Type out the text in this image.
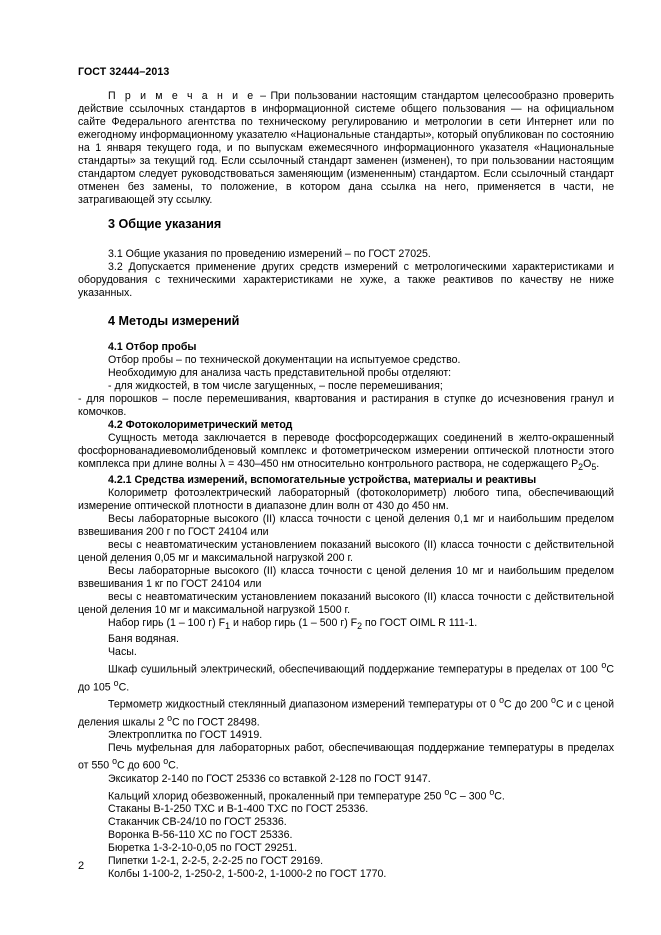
ГОСТ 32444–2013

П р и м е ч а н и е – При пользовании настоящим стандартом целесообразно проверить действие ссылочных стандартов в информационной системе общего пользования — на официальном сайте Федерального агентства по техническому регулированию и метрологии в сети Интернет или по ежегодному информационному указателю «Национальные стандарты», который опубликован по состоянию на 1 января текущего года, и по выпускам ежемесячного информационного указателя «Национальные стандарты» за текущий год. Если ссылочный стандарт заменен (изменен), то при пользовании настоящим стандартом следует руководствоваться заменяющим (измененным) стандартом. Если ссылочный стандарт отменен без замены, то положение, в котором дана ссылка на него, применяется в части, не затрагивающей эту ссылку.

3 Общие указания

3.1 Общие указания по проведению измерений – по ГОСТ 27025.

3.2 Допускается применение других средств измерений с метрологическими характеристиками и оборудования с техническими характеристиками не хуже, а также реактивов по качеству не ниже указанных.

4 Методы измерений

4.1 Отбор пробы

Отбор пробы – по технической документации на испытуемое средство.

Необходимую для анализа часть представительной пробы отделяют:

- для жидкостей, в том числе загущенных, – после перемешивания;

- для порошков – после перемешивания, квартования и растирания в ступке до исчезновения гранул и комочков.

4.2 Фотоколориметрический метод

Сущность метода заключается в переводе фосфорсодержащих соединений в желто-окрашенный фосфорнованадиевомолибденовый комплекс и фотометрическом измерении оптической плотности этого комплекса при длине волны λ = 430–450 нм относительно контрольного раствора, не содержащего $P_2O_5$.

4.2.1 Средства измерений, вспомогательные устройства, материалы и реактивы

Колориметр фотоэлектрический лабораторный (фотоколориметр) любого типа, обеспечивающий измерение оптической плотности в диапазоне длин волн от 430 до 450 нм.

Весы лабораторные высокого (II) класса точности с ценой деления 0,1 мг и наибольшим пределом взвешивания 200 г по ГОСТ 24104 или

весы с неавтоматическим установлением показаний высокого (II) класса точности с действительной ценой деления 0,05 мг и максимальной нагрузкой 200 г.

Весы лабораторные высокого (II) класса точности с ценой деления 10 мг и наибольшим пределом взвешивания 1 кг по ГОСТ 24104 или

весы с неавтоматическим установлением показаний высокого (II) класса точности с действительной ценой деления 10 мг и максимальной нагрузкой 1500 г.

Набор гирь (1 – 100 г) $F_1$ и набор гирь (1 – 500 г) $F_2$ по ГОСТ OIML R 111-1.

Баня водяная.

Часы.

Шкаф сушильный электрический, обеспечивающий поддержание температуры в пределах от 100 $^о$С до 105 $^о$С.

Термометр жидкостный стеклянный диапазоном измерений температуры от 0 $^о$С до 200 $^о$С и с ценой деления шкалы 2 $^о$С по ГОСТ 28498.

Электроплитка по ГОСТ 14919.

Печь муфельная для лабораторных работ, обеспечивающая поддержание температуры в пределах от 550 $^о$С до 600 $^о$С.

Эксикатор 2-140 по ГОСТ 25336 со вставкой 2-128 по ГОСТ 9147.

Кальций хлорид обезвоженный, прокаленный при температуре 250 $^о$С – 300 $^о$С.

Стаканы В-1-250 ТХС и В-1-400 ТХС по ГОСТ 25336.

Стаканчик СВ-24/10 по ГОСТ 25336.

Воронка В-56-110 ХС по ГОСТ 25336.

Бюретка 1-3-2-10-0,05 по ГОСТ 29251.

Пипетки 1-2-1, 2-2-5, 2-2-25 по ГОСТ 29169.

Колбы 1-100-2, 1-250-2, 1-500-2, 1-1000-2 по ГОСТ 1770.

2
